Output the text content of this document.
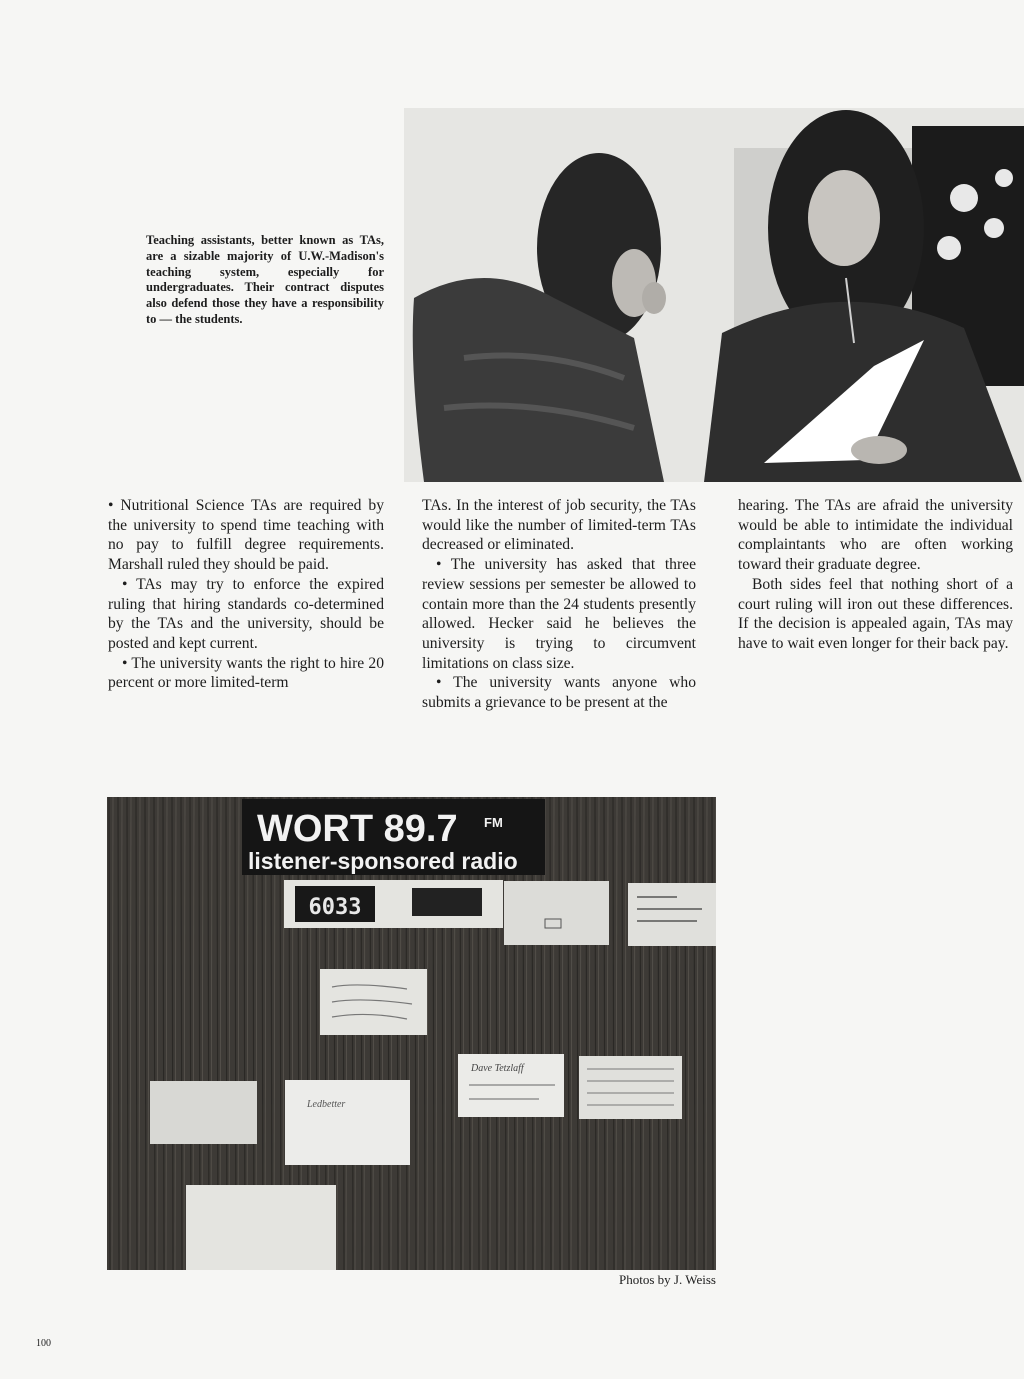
Teaching assistants, better known as TAs, are a sizable majority of U.W.-Madison's teaching system, especially for undergraduates. Their contract disputes also defend those they have a responsibility to — the students.

• Nutritional Science TAs are required by the university to spend time teaching with no pay to fulfill degree requirements. Marshall ruled they should be paid.

• TAs may try to enforce the expired ruling that hiring standards co-determined by the TAs and the university, should be posted and kept current.

• The university wants the right to hire 20 percent or more limited-term

TAs. In the interest of job security, the TAs would like the number of limited-term TAs decreased or eliminated.

• The university has asked that three review sessions per semester be allowed to contain more than the 24 students presently allowed. Hecker said he believes the university is trying to circumvent limitations on class size.

• The university wants anyone who submits a grievance to be present at the

hearing. The TAs are afraid the university would be able to intimidate the individual complaintants who are often working toward their graduate degree.

Both sides feel that nothing short of a court ruling will iron out these differences. If the decision is appealed again, TAs may have to wait even longer for their back pay.

WORT 89.7 FM
listener-sponsored radio
6033
Dave Tetzlaff
Ledbetter
Photos by J. Weiss
100
